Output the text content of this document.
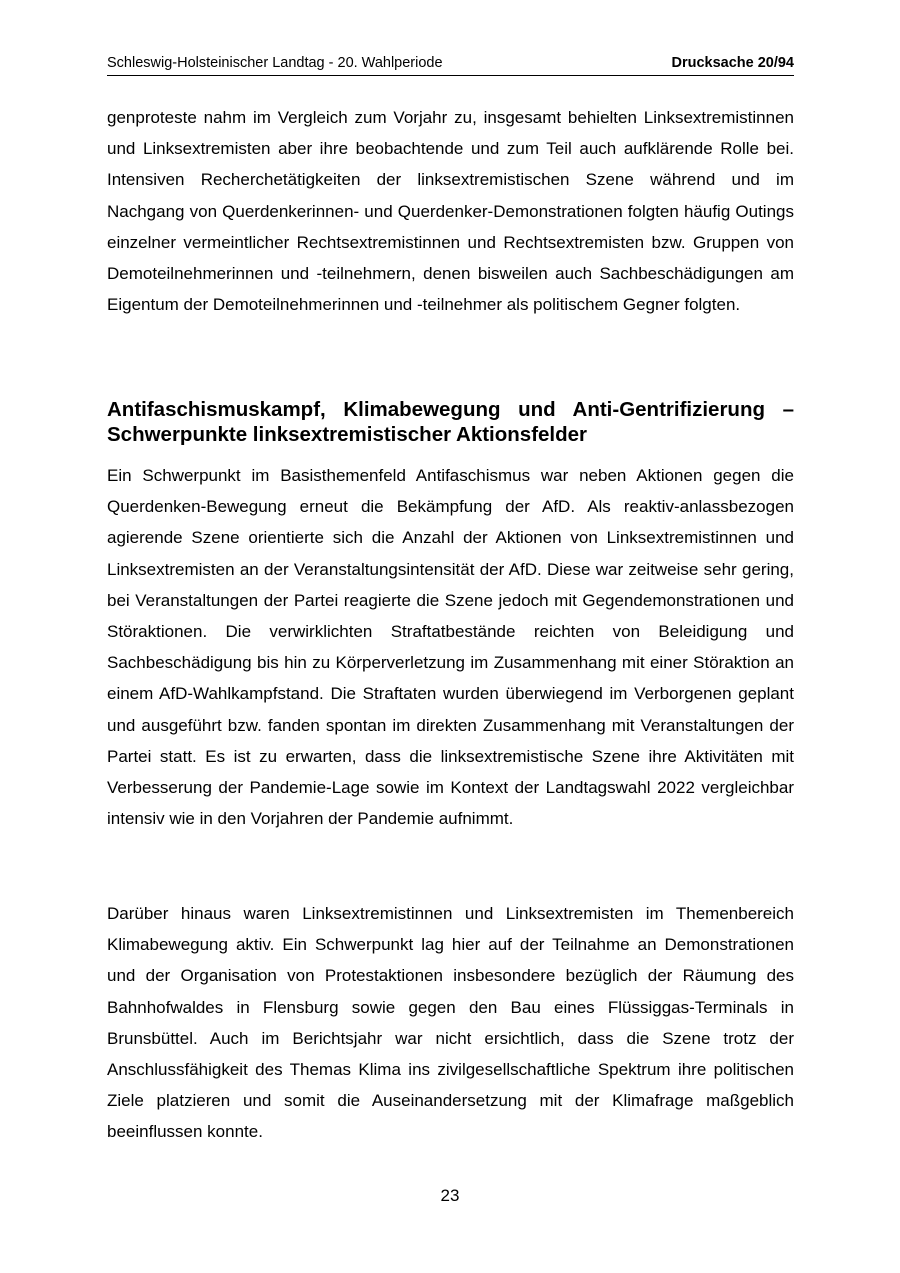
Schleswig-Holsteinischer Landtag - 20. Wahlperiode	Drucksache 20/94

genproteste nahm im Vergleich zum Vorjahr zu, insgesamt behielten Linksextremistinnen und Linksextremisten aber ihre beobachtende und zum Teil auch aufklärende Rolle bei. Intensiven Recherchetätigkeiten der linksextremistischen Szene während und im Nachgang von Querdenkerinnen- und Querdenker-Demonstrationen folgten häufig Outings einzelner vermeintlicher Rechtsextremistinnen und Rechtsextremisten bzw. Gruppen von Demoteilnehmerinnen und -teilnehmern, denen bisweilen auch Sachbeschädigungen am Eigentum der Demoteilnehmerinnen und -teilnehmer als politischem Gegner folgten.

Antifaschismuskampf, Klimabewegung und Anti-Gentrifizierung – Schwerpunkte linksextremistischer Aktionsfelder

Ein Schwerpunkt im Basisthemenfeld Antifaschismus war neben Aktionen gegen die Querdenken-Bewegung erneut die Bekämpfung der AfD. Als reaktiv-anlassbezogen agierende Szene orientierte sich die Anzahl der Aktionen von Linksextremistinnen und Linksextremisten an der Veranstaltungsintensität der AfD. Diese war zeitweise sehr gering, bei Veranstaltungen der Partei reagierte die Szene jedoch mit Gegendemonstrationen und Störaktionen. Die verwirklichten Straftatbestände reichten von Beleidigung und Sachbeschädigung bis hin zu Körperverletzung im Zusammenhang mit einer Störaktion an einem AfD-Wahlkampfstand. Die Straftaten wurden überwiegend im Verborgenen geplant und ausgeführt bzw. fanden spontan im direkten Zusammenhang mit Veranstaltungen der Partei statt. Es ist zu erwarten, dass die linksextremistische Szene ihre Aktivitäten mit Verbesserung der Pandemie-Lage sowie im Kontext der Landtagswahl 2022 vergleichbar intensiv wie in den Vorjahren der Pandemie aufnimmt.

Darüber hinaus waren Linksextremistinnen und Linksextremisten im Themenbereich Klimabewegung aktiv. Ein Schwerpunkt lag hier auf der Teilnahme an Demonstrationen und der Organisation von Protestaktionen insbesondere bezüglich der Räumung des Bahnhofwaldes in Flensburg sowie gegen den Bau eines Flüssiggas-Terminals in Brunsbüttel. Auch im Berichtsjahr war nicht ersichtlich, dass die Szene trotz der Anschlussfähigkeit des Themas Klima ins zivilgesellschaftliche Spektrum ihre politischen Ziele platzieren und somit die Auseinandersetzung mit der Klimafrage maßgeblich beeinflussen konnte.

23
